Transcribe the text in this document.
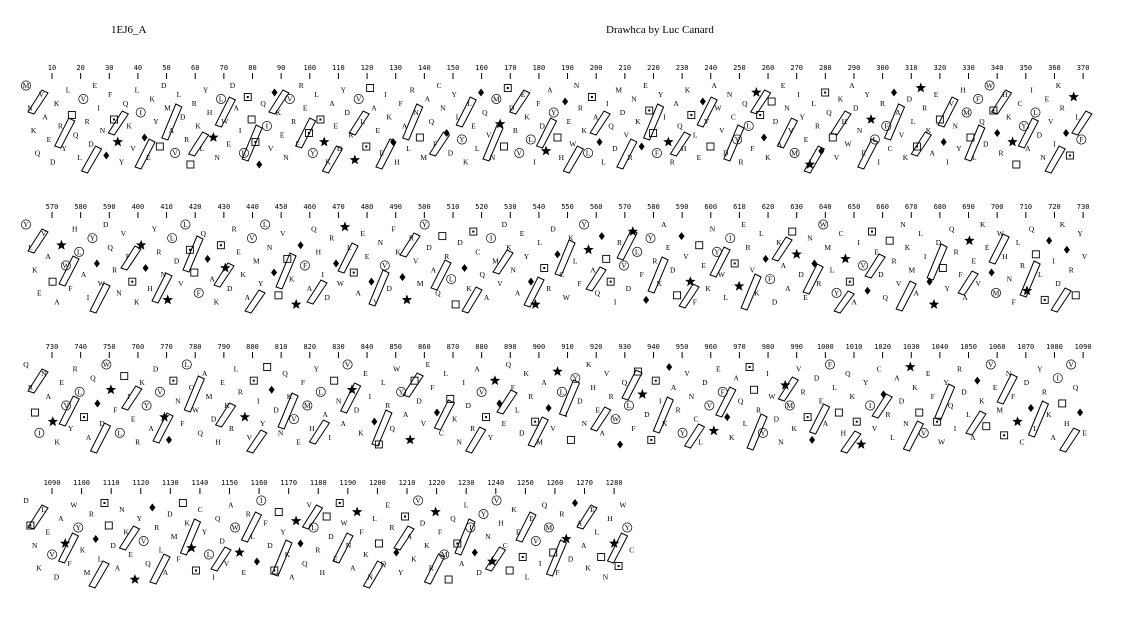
1EJ6_A	Drawhca by Luc Canard
10	20	30	40	50	60	70	80	90	100 110 120 130 140 150 160 170 180 190 200 210 220 230 240 250 260 270 280 290 300 310 320 330 340 350 360 370
M
N
K
Q
V
A
E
D
K
R
Y
L
Q
L
V
R
D
E
I
N
F
Y
Q
K
V
L
I
E
K
Y
D
M
A
V
L
D
R
R
K
L
Y
H
N
L
W
E
D
A
I
L
Q
I
V
K
E
N
V
R
F
R
E
Y
L
K
A
E
D
Y
D
R
V
L
A
E
E
I
K
H
F
A
L
R
N
M
A
Q
F
C
N
D
Y
L
Y
K
L
E
L
Q
V
N
M
D
R
V
E
K
L
I
F
D
A
Y
H
E
W
N
R
K
L
A
L
I
Q
D
M
D
V
R
N
K
E
F
Y
I
R
A
Q
H
K
L
E
V
A
W
V
D
N
C
Y
R
Q
L
F
K
D
A
E
N
V
M
I
Y
E
L
R
Q
V
K
H
W
A
D
N
E
Y
L
I
R
F
C
A
V
K
D
L
R
K
A
E
I
V
N
Y
H
M
L
F
Q
D
W
R
H
K
C
Y
A
I
L
D
N
E
V
I
K
R
L
F
570 580 590 400 410 420 430 440 450 460 470 480 490 500 510 520 530 540 550 560 570 580 590 600 610 620 630 640 650 660 670 680 690 700 710 720 730
Y
L
K
E
V
A
A
W
F
H
L
A
I
Y
W
D
Q
R
N
V
F
K
H
Y
R
N
L
D
V
L
F
Q
A
K
D
R
E
K
A
V
M
Y
L
N
V
K
F
A
Q
H
I
D
R
W
L
A
E
E
V
N
V
D
F
K
R
V
M
Y
D
A
Q
R
L
D
K
C
Q
A
I
M
V
D
K
N
A
E
Y
L
R
D
C
W
K
L
F
Y
A
Q
I
R
V
D
L
F
Y
R
K
A
E
D
V
F
E
K
N
Y
W
L
I
E
R
V
K
L
F
D
K
A
A
D
E
N
R
W
M
L
Y
C
A
I
V
E
D
Q
R
V
N
K
M
A
L
I
D
Y
Q
R
F
A
E
V
K
E
M
W
H
N
F
L
R
Q
L
I
D
K
R
Y
V
730 740 750 760 770 780 790 800 810 820 830 840 850 860 870 880 890 900 910 920 930 940 950 960 970 980 990 1000 1010 1020 1030 1040 1050 1060 1070 1080 1090
Q
R
I
N
A
K
E
V
Y
R
L
A
Q
D
W
F
L
I
E
R
K
Y
A
D
V
N
F
L
C
W
Q
A
M
D
H
E
K
R
L
R
V
I
Y
D
N
Q
K
V
E
F
M
H
Y
L
A
I
N
A
V
D
K
E
I
L
R
Q
W
Y
A
D
V
E
F
C
L
K
N
I
D
R
A
V
Y
E
Q
F
L
D
K
R
M
A
V
L
I
Y
D
N
K
H
E
A
V
R
W
Q
L
F
D
I
K
A
R
Y
V
N
C
L
D
V
E
F
K
A
Q
L
R
Y
I
W
D
N
M
K
V
R
D
E
A
F
L
H
Q
K
Y
I
V
C
R
L
A
D
N
K
V
E
F
W
Y
Q
I
R
D
L
A
K
V
E
M
N
F
C
D
L
Y
R
K
A
I
H
V
Q
E
1090 1100 1110 1120 1130 1140 1150 1160 1170 1180 1190 1200 1210 1220 1230 1240 1250 1260 1270 1280
D
N
K
L
E
V
D
A
F
W
Y
K
M
R
L
D
A
N
K
E
Y
V
Q
R
L
A
D
M
F
K
C
Y
L
I
Q
D
V
A
W
E
R
L
I
F
D
Y
K
A
Q
V
L
R
H
D
E
W
N
A
F
K
N
L
Q
E
R
Y
A
K
V
D
K
R
F
M
Q
A
L
I
D
Y
N
V
H
C
K
E
L
E
V
I
Q
M
F
R
D
A
A
K
E
L
N
H
W
Y
C
